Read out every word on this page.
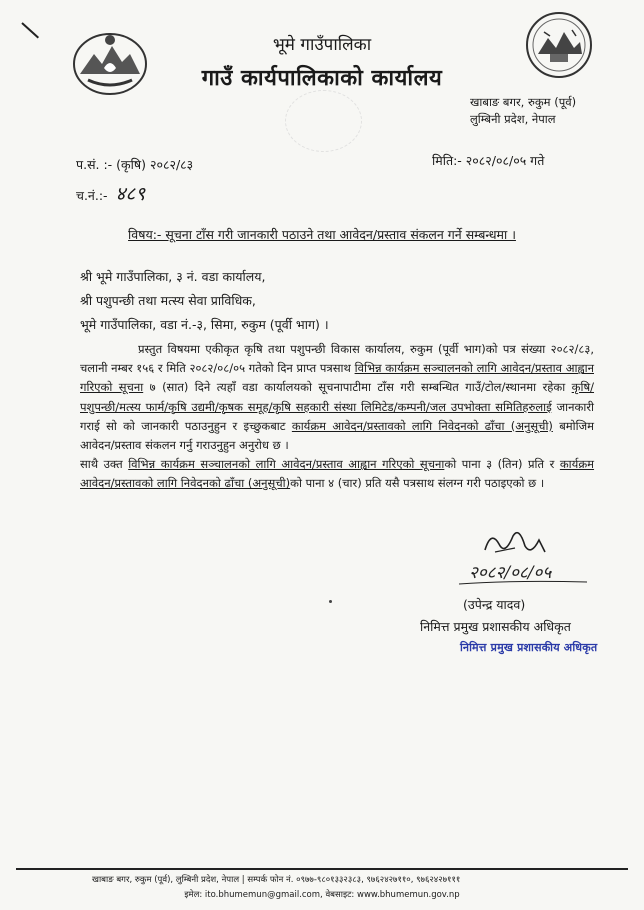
भूमे गाउँपालिका
गाउँ कार्यपालिकाको कार्यालय
खाबाङ बगर, रुकुम (पूर्व)
लुम्बिनी प्रदेश, नेपाल
प.सं. :- (कृषि) २०८२/८३
च.नं.:- ४८९
मिति:- २०८२/०८/०५ गते
विषय:- सूचना टाँस गरी जानकारी पठाउने तथा आवेदन/प्रस्ताव संकलन गर्ने सम्बन्धमा ।
श्री भूमे गाउँपालिका, ३ नं. वडा कार्यालय,
श्री पशुपन्छी तथा मत्स्य सेवा प्राविधिक,
भूमे गाउँपालिका, वडा नं.-३, सिमा, रुकुम (पूर्वी भाग) ।
प्रस्तुत विषयमा एकीकृत कृषि तथा पशुपन्छी विकास कार्यालय, रुकुम (पूर्वी भाग)को पत्र संख्या २०८२/८३, चलानी नम्बर १५६ र मिति २०८२/०८/०५ गतेको दिन प्राप्त पत्रसाथ विभिन्न कार्यक्रम सञ्चालनको लागि आवेदन/प्रस्ताव आह्वान गरिएको सूचना ७ (सात) दिने त्यहाँ वडा कार्यालयको सूचनापाटीमा टाँस गरी सम्बन्धित गाउँ/टोल/स्थानमा रहेका कृषि/पशुपन्छी/मत्स्य फार्म/कृषि उद्यमी/कृषक समूह/कृषि सहकारी संस्था लिमिटेड/कम्पनी/जल उपभोक्ता समितिहरुलाई जानकारी गराई सो को जानकारी पठाउनुहुन र इच्छुकबाट कार्यक्रम आवेदन/प्रस्तावको लागि निवेदनको ढाँचा (अनुसूची) बमोजिम आवेदन/प्रस्ताव संकलन गर्नु गराउनुहुन अनुरोध छ ।
साथै उक्त विभिन्न कार्यक्रम सञ्चालनको लागि आवेदन/प्रस्ताव आह्वान गरिएको सूचनाको पाना ३ (तिन) प्रति र कार्यक्रम आवेदन/प्रस्तावको लागि निवेदनको ढाँचा (अनुसूची)को पाना ४ (चार) प्रति यसै पत्रसाथ संलग्न गरी पठाइएको छ ।
२०८२/०८/०५
(उपेन्द्र यादव)
निमित्त प्रमुख प्रशासकीय अधिकृत
निमित्त प्रमुख प्रशासकीय अधिकृत
खाबाङ बगर, रुकुम (पूर्व), लुम्बिनी प्रदेश, नेपाल | सम्पर्क फोन नं. ०९७७-९८०१३३२३८३, ९७६२४२७११०, ९७६२४२७१११
इमेल: ito.bhumemun@gmail.com, वेबसाइट: www.bhumemun.gov.np
